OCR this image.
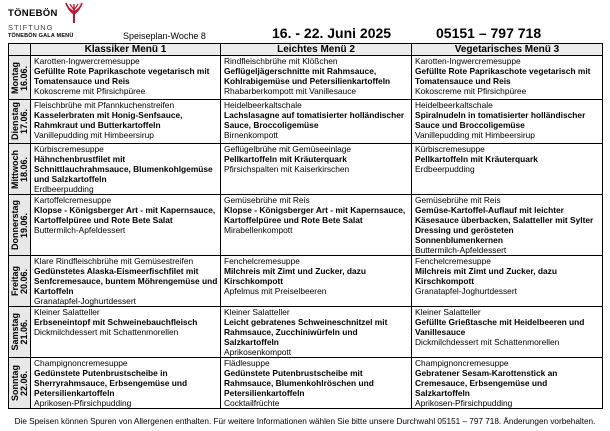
TÖNEBÖN
STIFTUNG
TÖNEBÖN GALA MENÜ	Speiseplan-Woche 8	16. - 22. Juni 2025	05151 – 797 718
	Klassiker Menü 1	Leichtes Menü 2	Vegetarisches Menü 3

Montag
16.06.	Karotten-Ingwercremesuppe
Gefüllte Rote Paprikaschote vegetarisch mit Tomatensauce und Reis
Kokoscreme mit Pfirsichpüree	Rindfleischbrühe mit Klößchen
Geflügeljägerschnitte mit Rahmsauce, Kohlrabigemüse und Petersilienkartoffeln
Rhabarberkompott mit Vanillesauce	Karotten-Ingwercremesuppe
Gefüllte Rote Paprikaschote vegetarisch mit Tomatensauce und Reis
Kokoscreme mit Pfirsichpüree

Dienstag
17.06.	Fleischbrühe mit Pfannkuchenstreifen
Kasselerbraten mit Honig-Senfsauce, Rahmkraut und Butterkartoffeln
Vanillepudding mit Himbeersirup	Heidelbeerkaltschale
Lachslasagne auf tomatisierter holländischer Sauce, Broccoligemüse
Birnenkompott	Heidelbeerkaltschale
Spiralnudeln in tomatisierter holländischer Sauce und Broccoligemüse
Vanillepudding mit Himbeersirup

Mittwoch
18.06.	Kürbiscremesuppe
Hähnchenbrustfilet mit Schnittlauchrahmsauce, Blumenkohlgemüse und Salzkartoffeln
Erdbeerpudding	Geflügelbrühe mit Gemüseeinlage
Pellkartoffeln mit Kräuterquark
Pfirsichspalten mit Kaiserkirschen	Kürbiscremesuppe
Pellkartoffeln mit Kräuterquark
Erdbeerpudding

Donnerstag
19.06.	Kartoffelcremesuppe
Klopse - Königsberger Art - mit Kapernsauce, Kartoffelpüree und Rote Bete Salat
Buttermilch-Apfeldessert	Gemüsebrühe mit Reis
Klopse - Königsberger Art - mit Kapernsauce, Kartoffelpüree und Rote Bete Salat
Mirabellenkompott	Gemüsebrühe mit Reis
Gemüse-Kartoffel-Auflauf mit leichter Käsesauce überbacken, Salatteller mit Sylter Dressing und gerösteten Sonnenblumenkernen
Buttermilch-Apfeldessert

Freitag
20.06.	Klare Rindfleischbrühe mit Gemüsestreifen
Gedünstetes Alaska-Eismeerfischfilet mit Senfcremesauce, buntem Möhrengemüse und Kartoffeln
Granatapfel-Joghurtdessert	Fenchelcremesuppe
Milchreis mit Zimt und Zucker, dazu Kirschkompott
Apfelmus mit Preiselbeeren	Fenchelcremesuppe
Milchreis mit Zimt und Zucker, dazu Kirschkompott
Granatapfel-Joghurtdessert

Samstag
21.06.	Kleiner Salatteller
Erbseneintopf mit Schweinebauchfleisch
Dickmilchdessert mit Schattenmorellen	Kleiner Salatteller
Leicht gebratenes Schweineschnitzel mit Rahmsauce, Zucchiniwürfeln und Salzkartoffeln
Aprikosenkompott	Kleiner Salatteller
Gefüllte Grießtasche mit Heidelbeeren und Vanillesauce
Dickmilchdessert mit Schattenmorellen

Sonntag
22.06.	Champignoncremesuppe
Gedünstete Putenbrustscheibe in Sherryrahmsauce, Erbsengemüse und Petersilienkartoffeln
Aprikosen-Pfirsichpudding	Flädlesuppe
Gedünstete Putenbrustscheibe mit Rahmsauce, Blumenkohlröschen und Petersilienkartoffeln
Cocktailfrüchte	Champignoncremesuppe
Gebratener Sesam-Karottenstick an Cremesauce, Erbsengemüse und Salzkartoffeln
Aprikosen-Pfirsichpudding
Die Speisen können Spuren von Allergenen enthalten. Für weitere Informationen wählen Sie bitte unsere Durchwahl 05151 – 797 718. Änderungen vorbehalten.
